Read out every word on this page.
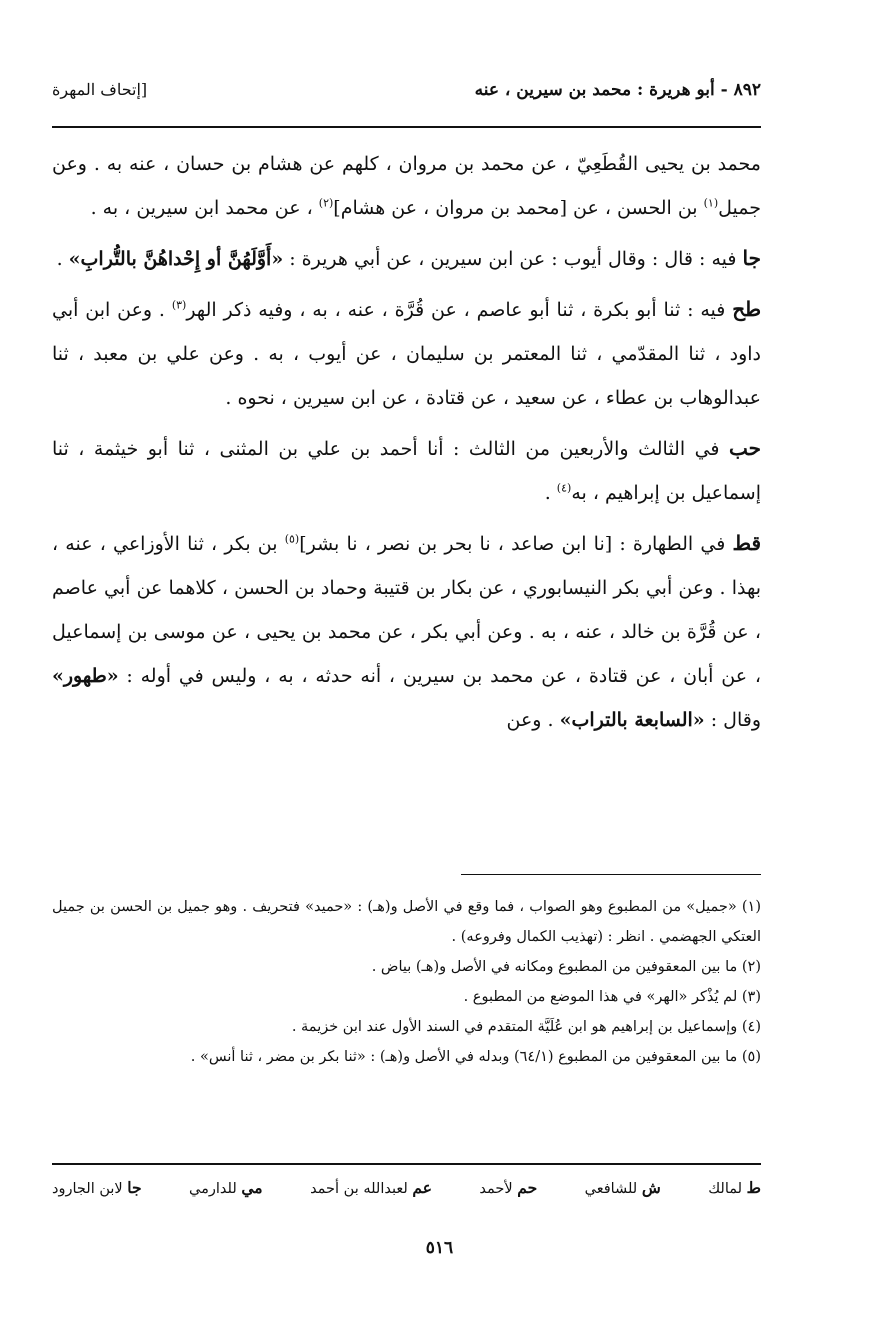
٨٩٢ - أبو هريرة : محمد بن سيرين ، عنه
[إتحاف المهرة

محمد بن يحيى القُطَعِيّ ، عن محمد بن مروان ، كلهم عن هشام بن حسان ، عنه به . وعن جميل$^{(١)}$ بن الحسن ، عن [محمد بن مروان ، عن هشام]$^{(٢)}$ ، عن محمد ابن سيرين ، به .

جا فيه : قال : وقال أيوب : عن ابن سيرين ، عن أبي هريرة : «أَوَّلَهُنَّ أو إِحْداهُنَّ بالتُّرابِ» .

طح فيه : ثنا أبو بكرة ، ثنا أبو عاصم ، عن قُرَّة ، عنه ، به ، وفيه ذكر الهر$^{(٣)}$ . وعن ابن أبي داود ، ثنا المقدّمي ، ثنا المعتمر بن سليمان ، عن أيوب ، به . وعن علي بن معبد ، ثنا عبدالوهاب بن عطاء ، عن سعيد ، عن قتادة ، عن ابن سيرين ، نحوه .

حب في الثالث والأربعين من الثالث : أنا أحمد بن علي بن المثنى ، ثنا أبو خيثمة ، ثنا إسماعيل بن إبراهيم ، به$^{(٤)}$ .

قط في الطهارة : [نا ابن صاعد ، نا بحر بن نصر ، نا بشر]$^{(٥)}$ بن بكر ، ثنا الأوزاعي ، عنه ، بهذا . وعن أبي بكر النيسابوري ، عن بكار بن قتيبة وحماد بن الحسن ، كلاهما عن أبي عاصم ، عن قُرَّة بن خالد ، عنه ، به . وعن أبي بكر ، عن محمد بن يحيى ، عن موسى بن إسماعيل ، عن أبان ، عن قتادة ، عن محمد بن سيرين ، أنه حدثه ، به ، وليس في أوله : «طهور» وقال : «السابعة بالتراب» . وعن

(١) «جميل» من المطبوع وهو الصواب ، فما وقع في الأصل و(هـ) : «حميد» فتحريف . وهو جميل بن الحسن بن جميل العتكي الجهضمي . انظر : (تهذيب الكمال وفروعه) .

(٢) ما بين المعقوفين من المطبوع ومكانه في الأصل و(هـ) بياض .

(٣) لم يُذْكر «الهر» في هذا الموضع من المطبوع .

(٤) وإسماعيل بن إبراهيم هو ابن عُلَيَّة المتقدم في السند الأول عند ابن خزيمة .

(٥) ما بين المعقوفين من المطبوع (٦٤/١) وبدله في الأصل و(هـ) : «ثنا بكر بن مضر ، ثنا أنس» .

ط لمالك
ش للشافعي
حم لأحمد
عم لعبدالله بن أحمد
مي للدارمي
جا لابن الجارود
٥١٦
